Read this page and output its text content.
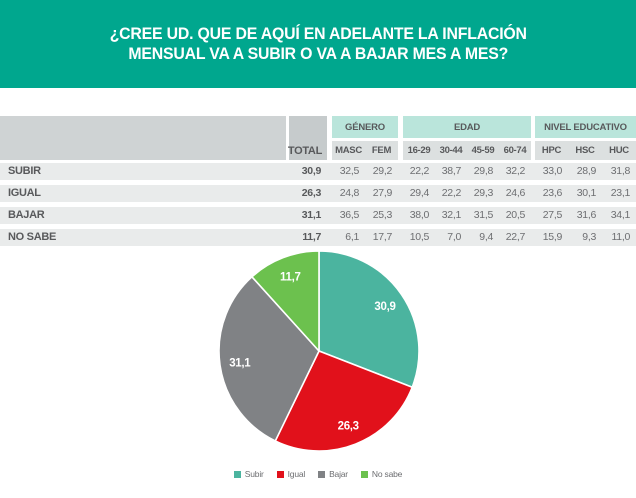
¿CREE UD. QUE DE AQUÍ EN ADELANTE LA INFLACIÓN
MENSUAL VA A SUBIR O VA A BAJAR MES A MES?
TOTAL
GÉNERO	EDAD	NIVEL EDUCATIVO
MASC	FEM	16-29 30-44 45-59 60-74	HPC	HSC	HUC
SUBIR	30,9	32,5	29,2	22,2	38,7	29,8	32,2	33,0	28,9	31,8
IGUAL	26,3	24,8	27,9	29,4	22,2	29,3	24,6	23,6	30,1	23,1
BAJAR	31,1	36,5	25,3	38,0	32,1	31,5	20,5	27,5	31,6	34,1
NO SABE	11,7	6,1	17,7	10,5	7,0	9,4	22,7	15,9	9,3	11,0
30,9
26,3
31,1
11,7
Subir	Igual	Bajar	No sabe
